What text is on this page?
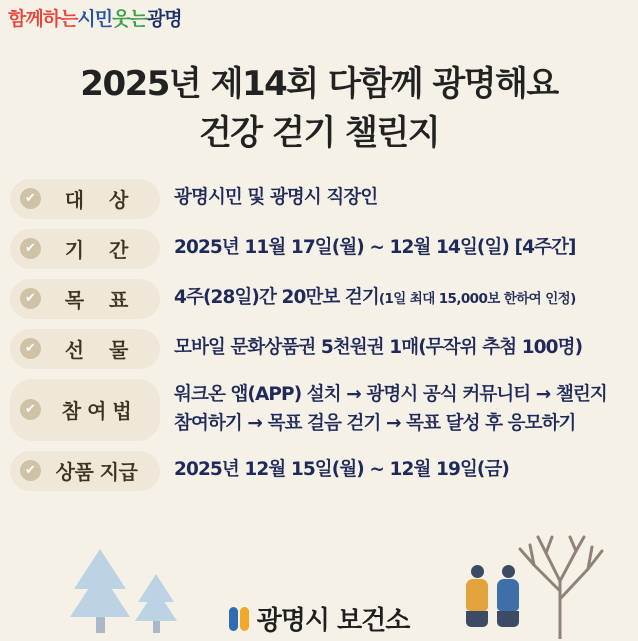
함께하는시민웃는광명
2025년 제14회 다함께 광명해요
건강 걷기 챌린지
✔	대 상	광명시민 및 광명시 직장인
✔	기 간	2025년 11월 17일(월) ~ 12월 14일(일) [4주간]
✔	목 표	4주(28일)간 20만보 걷기(1일 최대 15,000보 한하여 인정)
✔	선 물	모바일 문화상품권 5천원권 1매(무작위 추첨 100명)
✔	참 여 법
워크온 앱(APP) 설치 → 광명시 공식 커뮤니티 → 챌린지
참여하기 → 목표 걸음 걷기 → 목표 달성 후 응모하기
✔ 상품 지급	2025년 12월 15일(월) ~ 12월 19일(금)
광명시 보건소
